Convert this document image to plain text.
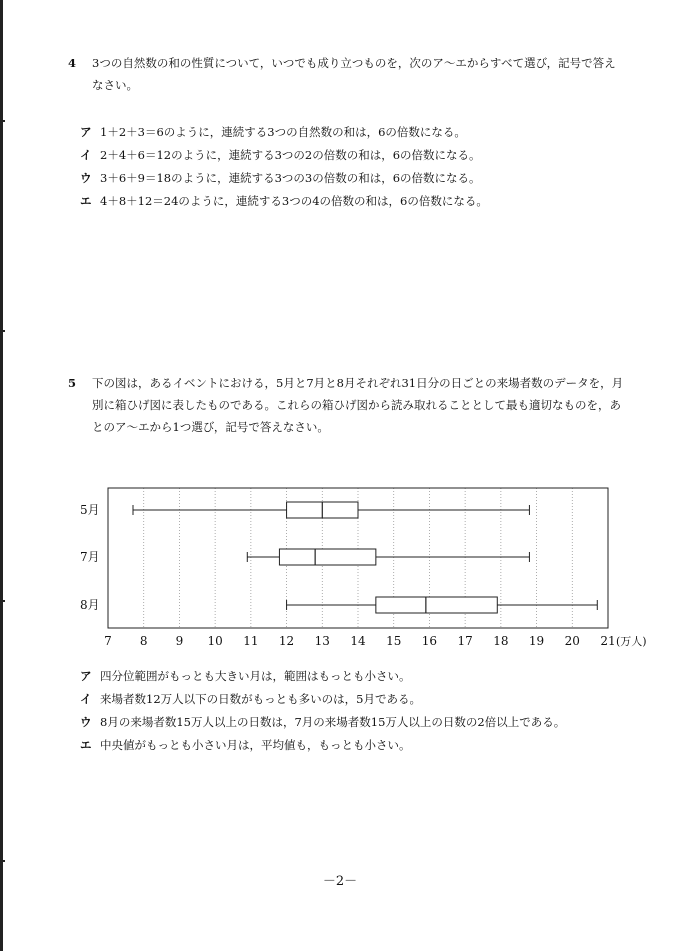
4 3つの自然数の和の性質について，いつでも成り立つものを，次のア～エからすべて選び，記号で答えなさい。
ア 1＋2＋3＝6のように，連続する3つの自然数の和は，6の倍数になる。
イ 2＋4＋6＝12のように，連続する3つの2の倍数の和は，6の倍数になる。
ウ 3＋6＋9＝18のように，連続する3つの3の倍数の和は，6の倍数になる。
エ 4＋8＋12＝24のように，連続する3つの4の倍数の和は，6の倍数になる。
5 下の図は，あるイベントにおける，5月と7月と8月それぞれ31日分の日ごとの来場者数のデータを，月別に箱ひげ図に表したものである。これらの箱ひげ図から読み取れることとして最も適切なものを，あとのア～エから1つ選び，記号で答えなさい。
7 8 9 10 11 12 13 14 15 16 17 18 19 20 21 (万人)
5月
7月
8月
ア 四分位範囲がもっとも大きい月は，範囲はもっとも小さい。
イ 来場者数12万人以下の日数がもっとも多いのは，5月である。
ウ 8月の来場者数15万人以上の日数は，7月の来場者数15万人以上の日数の2倍以上である。
エ 中央値がもっとも小さい月は，平均値も，もっとも小さい。
－2－
